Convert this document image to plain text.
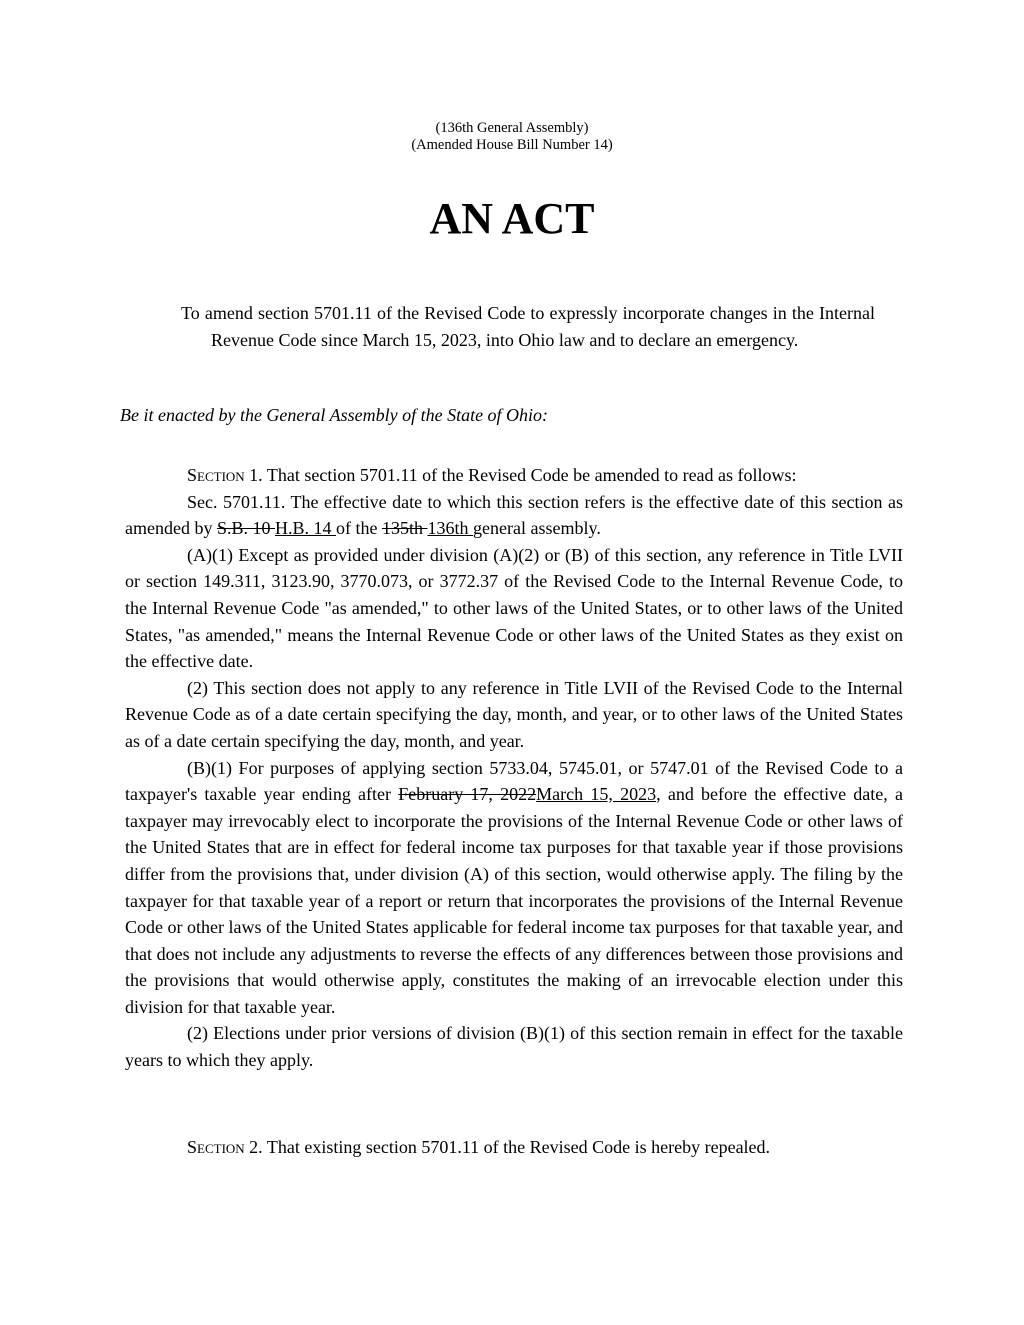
(136th General Assembly)
(Amended House Bill Number 14)
AN ACT
To amend section 5701.11 of the Revised Code to expressly incorporate changes in the Internal Revenue Code since March 15, 2023, into Ohio law and to declare an emergency.
Be it enacted by the General Assembly of the State of Ohio:

Section 1. That section 5701.11 of the Revised Code be amended to read as follows:

Sec. 5701.11. The effective date to which this section refers is the effective date of this section as amended by S.B. 10 H.B. 14 of the 135th 136th general assembly.

(A)(1) Except as provided under division (A)(2) or (B) of this section, any reference in Title LVII or section 149.311, 3123.90, 3770.073, or 3772.37 of the Revised Code to the Internal Revenue Code, to the Internal Revenue Code "as amended," to other laws of the United States, or to other laws of the United States, "as amended," means the Internal Revenue Code or other laws of the United States as they exist on the effective date.

(2) This section does not apply to any reference in Title LVII of the Revised Code to the Internal Revenue Code as of a date certain specifying the day, month, and year, or to other laws of the United States as of a date certain specifying the day, month, and year.

(B)(1) For purposes of applying section 5733.04, 5745.01, or 5747.01 of the Revised Code to a taxpayer's taxable year ending after February 17, 2022March 15, 2023, and before the effective date, a taxpayer may irrevocably elect to incorporate the provisions of the Internal Revenue Code or other laws of the United States that are in effect for federal income tax purposes for that taxable year if those provisions differ from the provisions that, under division (A) of this section, would otherwise apply. The filing by the taxpayer for that taxable year of a report or return that incorporates the provisions of the Internal Revenue Code or other laws of the United States applicable for federal income tax purposes for that taxable year, and that does not include any adjustments to reverse the effects of any differences between those provisions and the provisions that would otherwise apply, constitutes the making of an irrevocable election under this division for that taxable year.

(2) Elections under prior versions of division (B)(1) of this section remain in effect for the taxable years to which they apply.

Section 2. That existing section 5701.11 of the Revised Code is hereby repealed.
